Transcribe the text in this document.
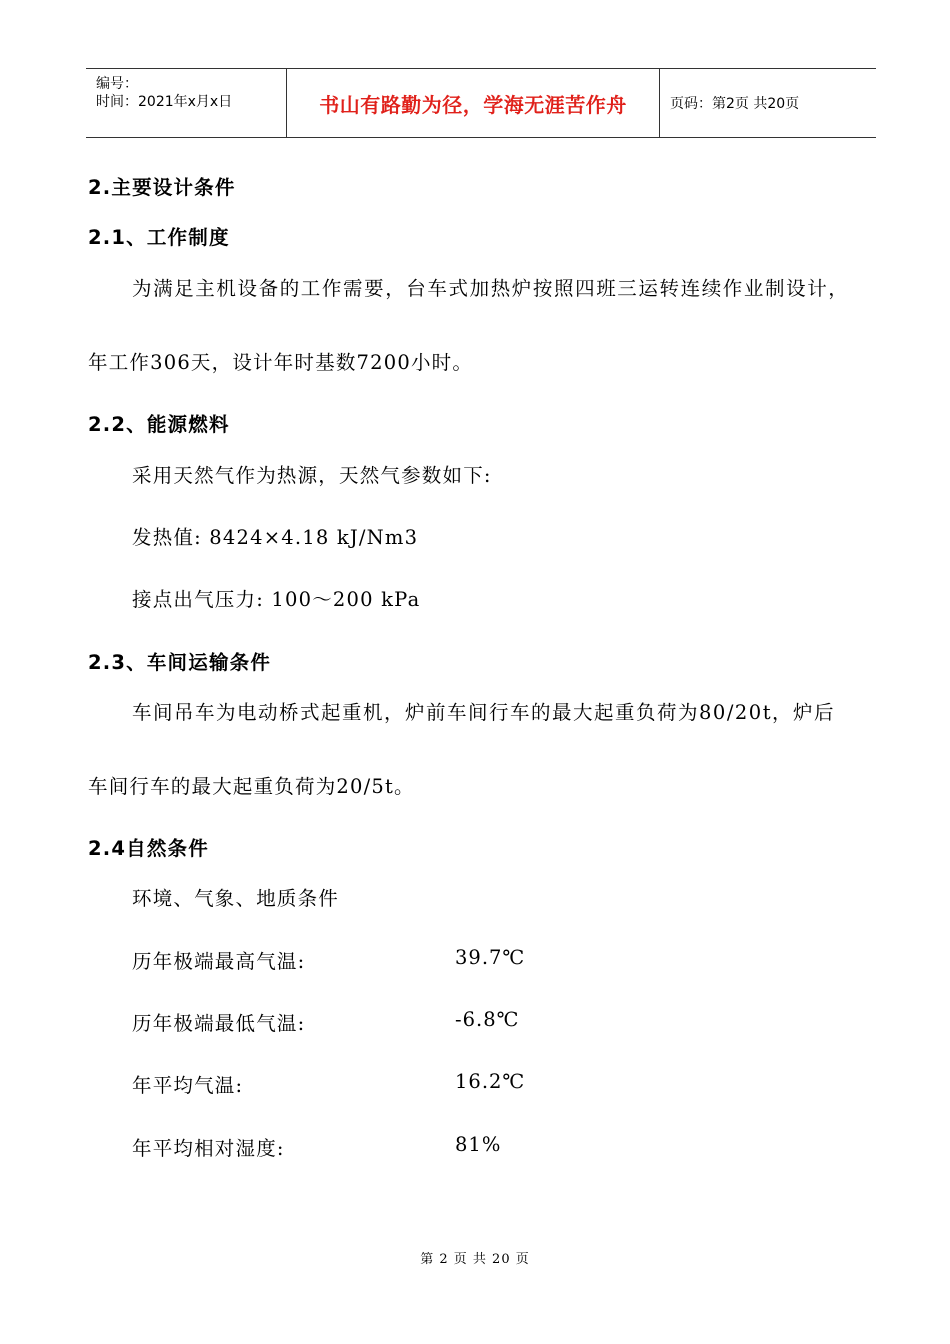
编号：
时间：2021年x月x日	书山有路勤为径，学海无涯苦作舟	页码：第2页 共20页
2.主要设计条件
2.1、工作制度
为满足主机设备的工作需要，台车式加热炉按照四班三运转连续作业制设计，
年工作306天，设计年时基数7200小时。
2.2、能源燃料
采用天然气作为热源，天然气参数如下:
发热值: 8424×4.18 kJ/Nm3
接点出气压力: 100～200 kPa
2.3、车间运输条件
车间吊车为电动桥式起重机，炉前车间行车的最大起重负荷为80/20t，炉后
车间行车的最大起重负荷为20/5t。
2.4自然条件
环境、气象、地质条件
历年极端最高气温:	39.7℃
历年极端最低气温:	-6.8℃
年平均气温:	16.2℃
年平均相对湿度:	81%
第 2 页 共 20 页
